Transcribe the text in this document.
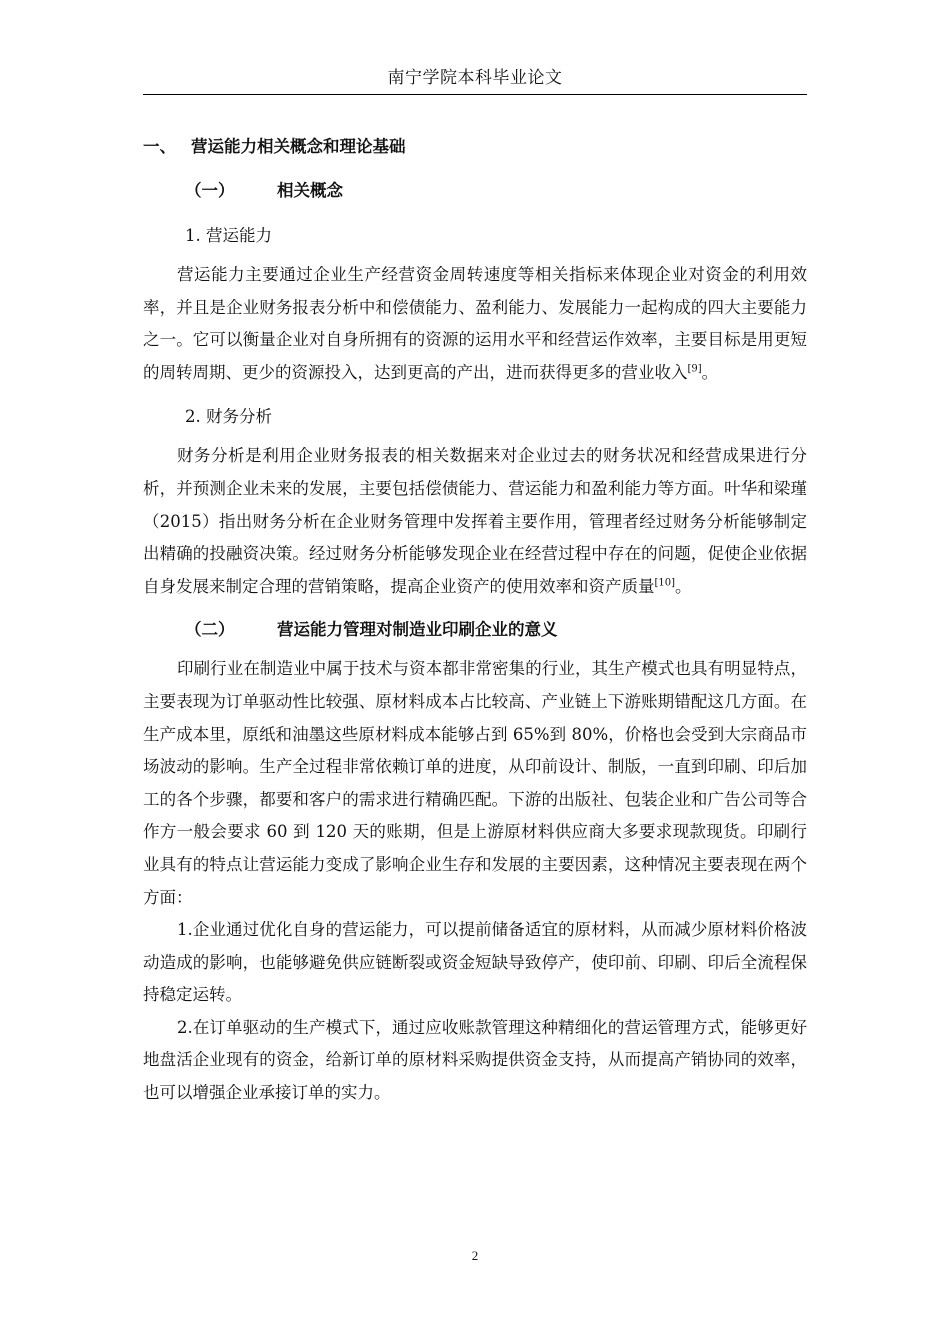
南宁学院本科毕业论文
一、 营运能力相关概念和理论基础
（一）	相关概念
1. 营运能力

营运能力主要通过企业生产经营资金周转速度等相关指标来体现企业对资金的利用效率，并且是企业财务报表分析中和偿债能力、盈利能力、发展能力一起构成的四大主要能力之一。它可以衡量企业对自身所拥有的资源的运用水平和经营运作效率，主要目标是用更短的周转周期、更少的资源投入，达到更高的产出，进而获得更多的营业收入[9]。

2. 财务分析

财务分析是利用企业财务报表的相关数据来对企业过去的财务状况和经营成果进行分析，并预测企业未来的发展，主要包括偿债能力、营运能力和盈利能力等方面。叶华和梁瑾（2015）指出财务分析在企业财务管理中发挥着主要作用，管理者经过财务分析能够制定出精确的投融资决策。经过财务分析能够发现企业在经营过程中存在的问题，促使企业依据自身发展来制定合理的营销策略，提高企业资产的使用效率和资产质量[10]。

（二）	营运能力管理对制造业印刷企业的意义

印刷行业在制造业中属于技术与资本都非常密集的行业，其生产模式也具有明显特点，主要表现为订单驱动性比较强、原材料成本占比较高、产业链上下游账期错配这几方面。在生产成本里，原纸和油墨这些原材料成本能够占到 65%到 80%，价格也会受到大宗商品市场波动的影响。生产全过程非常依赖订单的进度，从印前设计、制版，一直到印刷、印后加工的各个步骤，都要和客户的需求进行精确匹配。下游的出版社、包装企业和广告公司等合作方一般会要求 60 到 120 天的账期，但是上游原材料供应商大多要求现款现货。印刷行业具有的特点让营运能力变成了影响企业生存和发展的主要因素，这种情况主要表现在两个方面：

1.企业通过优化自身的营运能力，可以提前储备适宜的原材料，从而减少原材料价格波动造成的影响，也能够避免供应链断裂或资金短缺导致停产，使印前、印刷、印后全流程保持稳定运转。

2.在订单驱动的生产模式下，通过应收账款管理这种精细化的营运管理方式，能够更好地盘活企业现有的资金，给新订单的原材料采购提供资金支持，从而提高产销协同的效率，也可以增强企业承接订单的实力。

2
